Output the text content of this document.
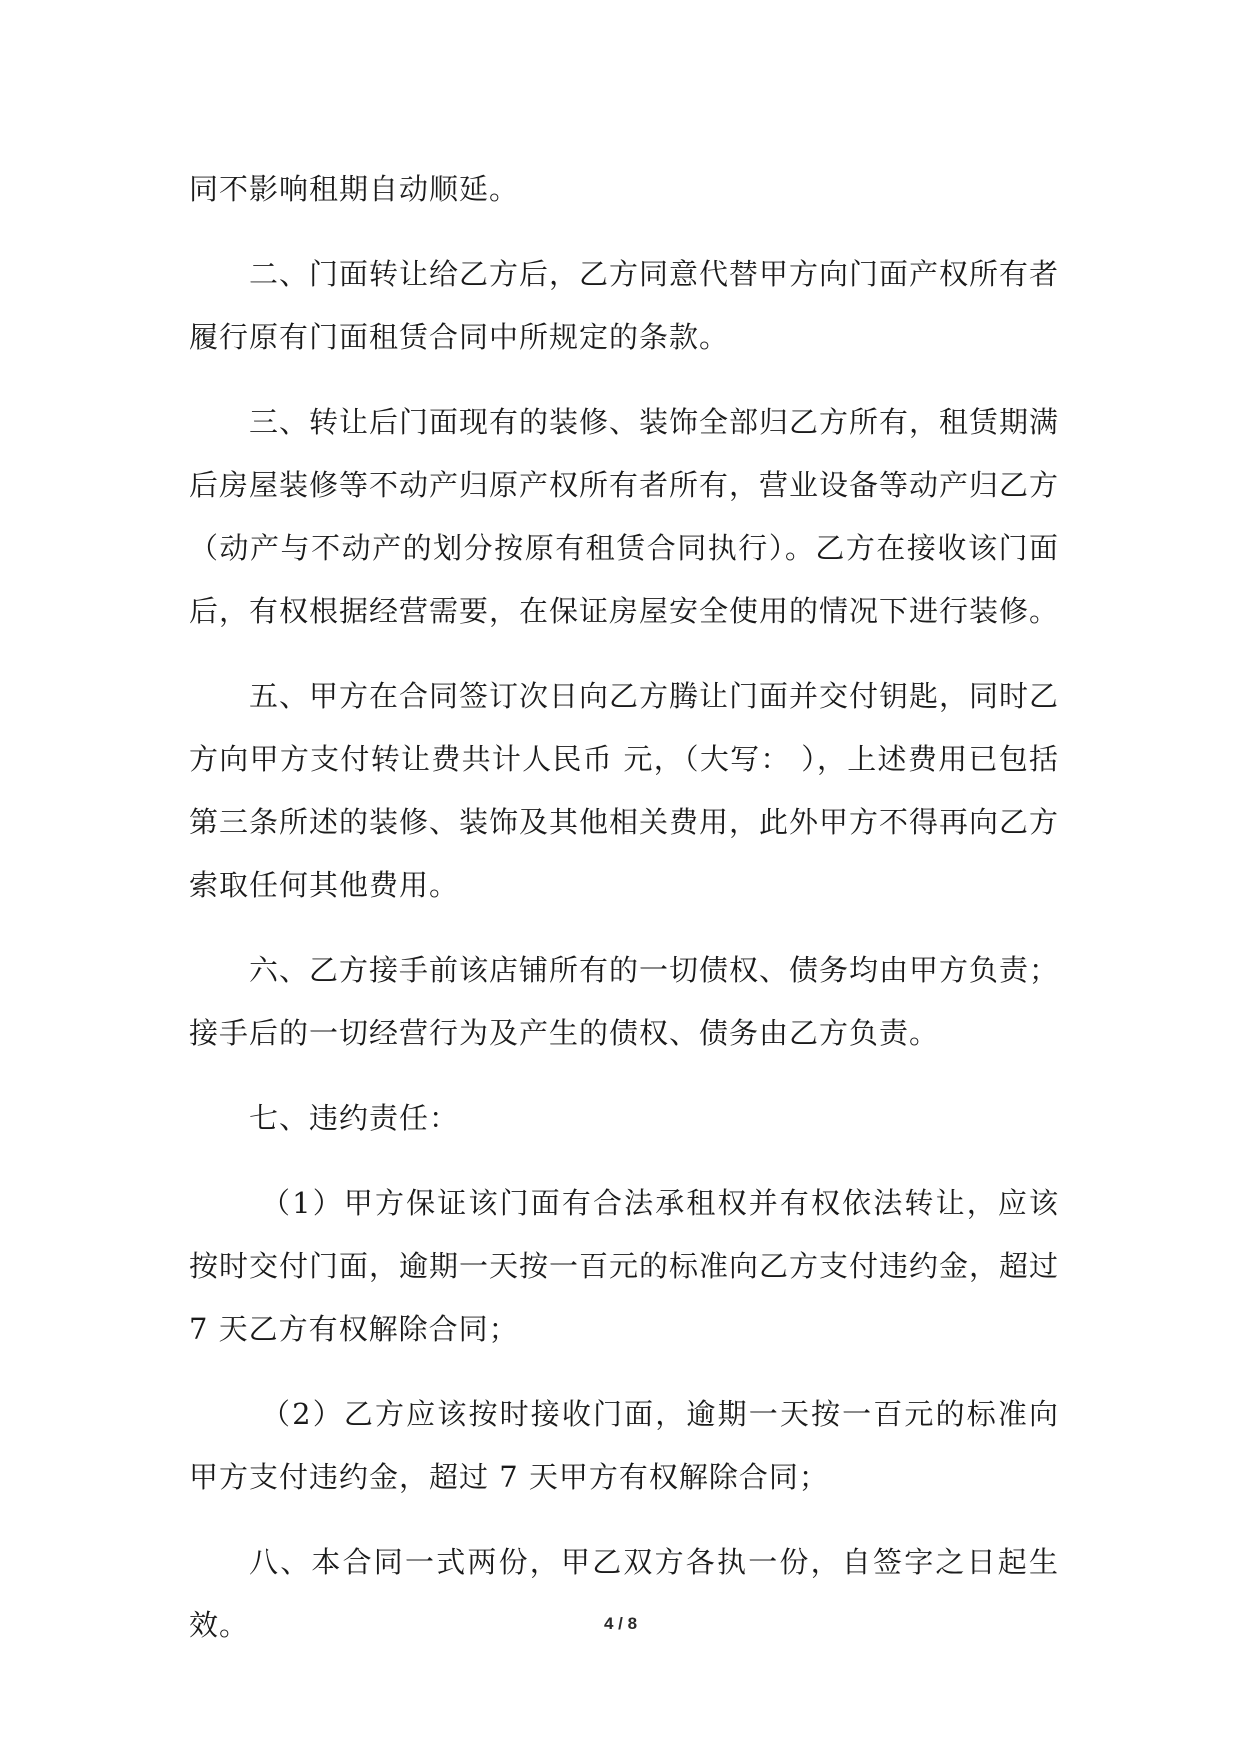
同不影响租期自动顺延。

二、门面转让给乙方后，乙方同意代替甲方向门面产权所有者履行原有门面租赁合同中所规定的条款。

三、转让后门面现有的装修、装饰全部归乙方所有，租赁期满后房屋装修等不动产归原产权所有者所有，营业设备等动产归乙方（动产与不动产的划分按原有租赁合同执行）。乙方在接收该门面后，有权根据经营需要，在保证房屋安全使用的情况下进行装修。

五、甲方在合同签订次日向乙方腾让门面并交付钥匙，同时乙方向甲方支付转让费共计人民币 元，（大写： ），上述费用已包括第三条所述的装修、装饰及其他相关费用，此外甲方不得再向乙方索取任何其他费用。

六、乙方接手前该店铺所有的一切债权、债务均由甲方负责；接手后的一切经营行为及产生的债权、债务由乙方负责。

七、违约责任：

（1）甲方保证该门面有合法承租权并有权依法转让，应该按时交付门面，逾期一天按一百元的标准向乙方支付违约金，超过 7 天乙方有权解除合同；

（2）乙方应该按时接收门面，逾期一天按一百元的标准向甲方支付违约金，超过 7 天甲方有权解除合同；

八、本合同一式两份，甲乙双方各执一份，自签字之日起生效。	4 / 8
